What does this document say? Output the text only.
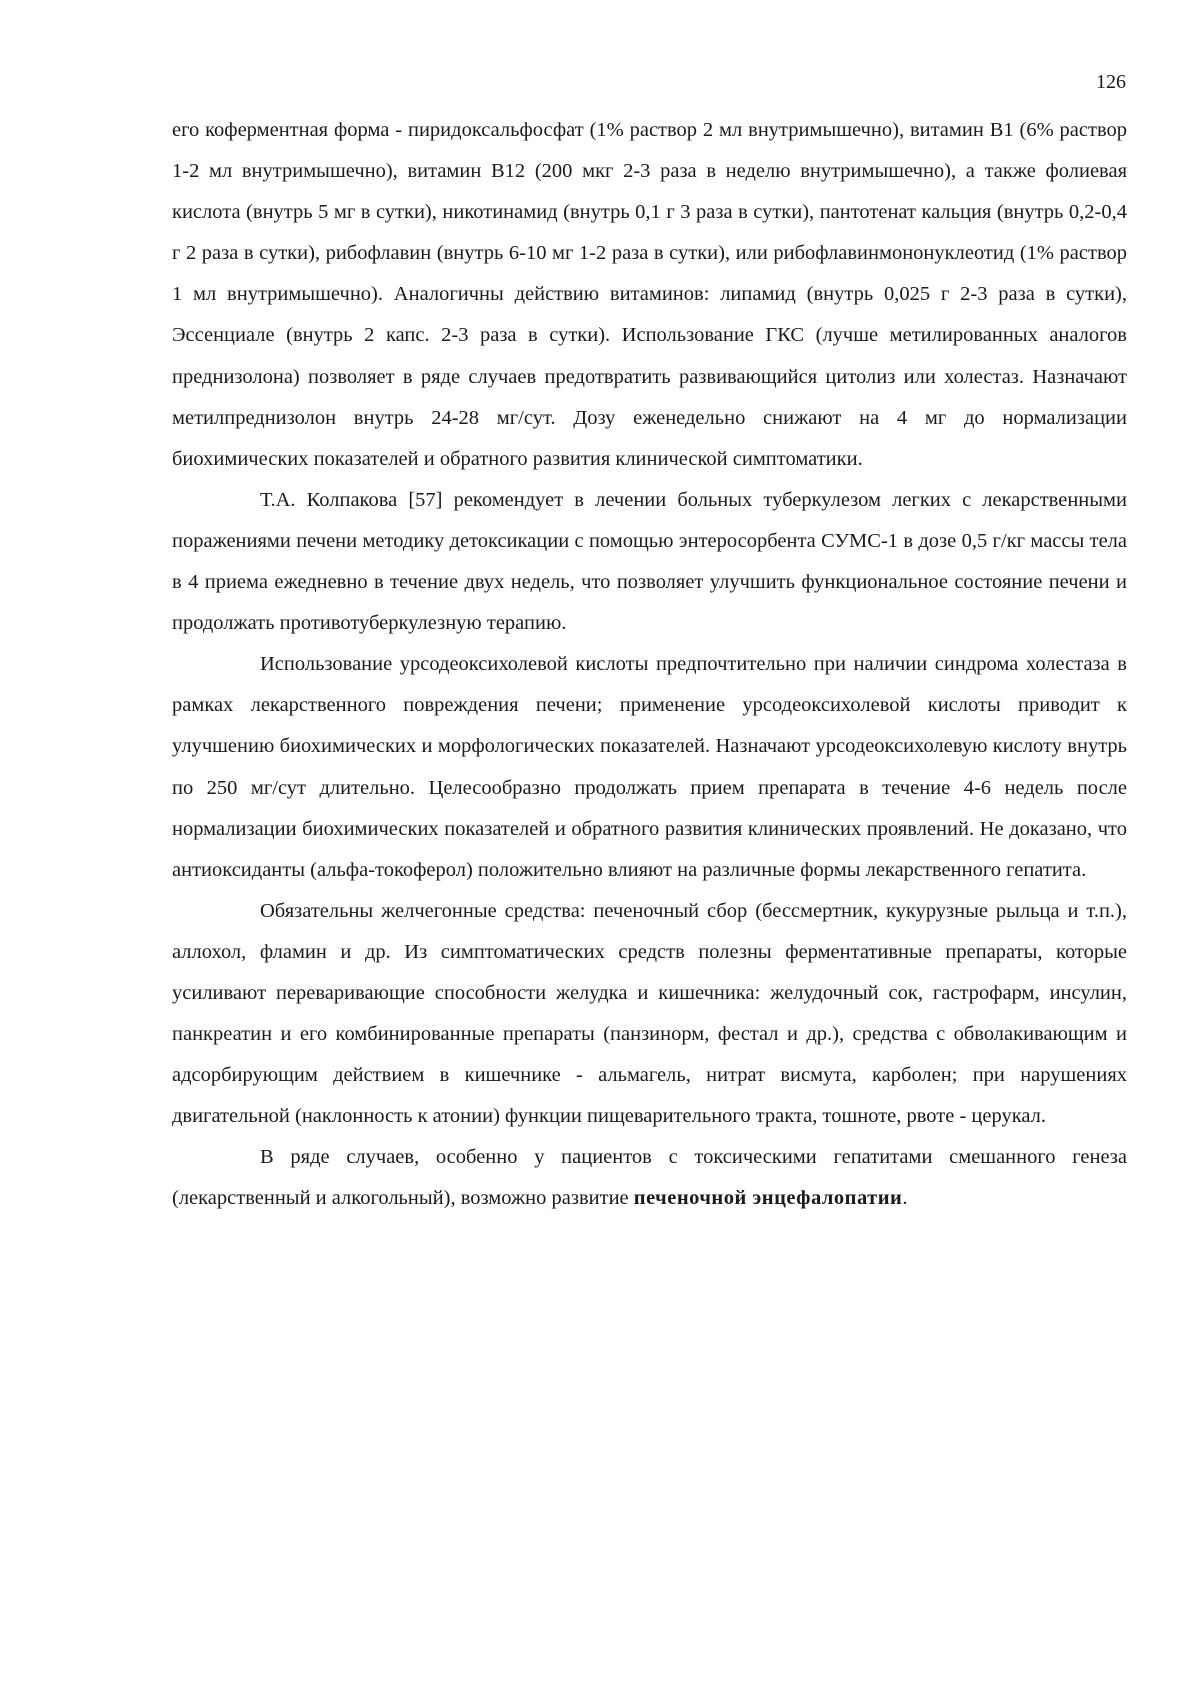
126

его коферментная форма - пиридоксальфосфат (1% раствор 2 мл внутримышечно), витамин В1 (6% раствор 1-2 мл внутримышечно), витамин В12 (200 мкг 2-3 раза в неделю внутримышечно), а также фолиевая кислота (внутрь 5 мг в сутки), никотинамид (внутрь 0,1 г 3 раза в сутки), пантотенат кальция (внутрь 0,2-0,4 г 2 раза в сутки), рибофлавин (внутрь 6-10 мг 1-2 раза в сутки), или рибофлавинмононуклеотид (1% раствор 1 мл внутримышечно). Аналогичны действию витаминов: липамид (внутрь 0,025 г 2-3 раза в сутки), Эссенциале (внутрь 2 капс. 2-3 раза в сутки). Использование ГКС (лучше метилированных аналогов преднизолона) позволяет в ряде случаев предотвратить развивающийся цитолиз или холестаз. Назначают метилпреднизолон внутрь 24-28 мг/сут. Дозу еженедельно снижают на 4 мг до нормализации биохимических показателей и обратного развития клинической симптоматики.

Т.А. Колпакова [57] рекомендует в лечении больных туберкулезом легких с лекарственными поражениями печени методику детоксикации с помощью энтеросорбента СУМС-1 в дозе 0,5 г/кг массы тела в 4 приема ежедневно в течение двух недель, что позволяет улучшить функциональное состояние печени и продолжать противотуберкулезную терапию.

Использование урсодеоксихолевой кислоты предпочтительно при наличии синдрома холестаза в рамках лекарственного повреждения печени; применение урсодеоксихолевой кислоты приводит к улучшению биохимических и морфологических показателей. Назначают урсодеоксихолевую кислоту внутрь по 250 мг/сут длительно. Целесообразно продолжать прием препарата в течение 4-6 недель после нормализации биохимических показателей и обратного развития клинических проявлений. Не доказано, что антиоксиданты (альфа-токоферол) положительно влияют на различные формы лекарственного гепатита.

Обязательны желчегонные средства: печеночный сбор (бессмертник, кукурузные рыльца и т.п.), аллохол, фламин и др. Из симптоматических средств полезны ферментативные препараты, которые усиливают переваривающие способности желудка и кишечника: желудочный сок, гастрофарм, инсулин, панкреатин и его комбинированные препараты (панзинорм, фестал и др.), средства с обволакивающим и адсорбирующим действием в кишечнике - альмагель, нитрат висмута, карболен; при нарушениях двигательной (наклонность к атонии) функции пищеварительного тракта, тошноте, рвоте - церукал.

В ряде случаев, особенно у пациентов с токсическими гепатитами смешанного генеза (лекарственный и алкогольный), возможно развитие печеночной энцефалопатии.
